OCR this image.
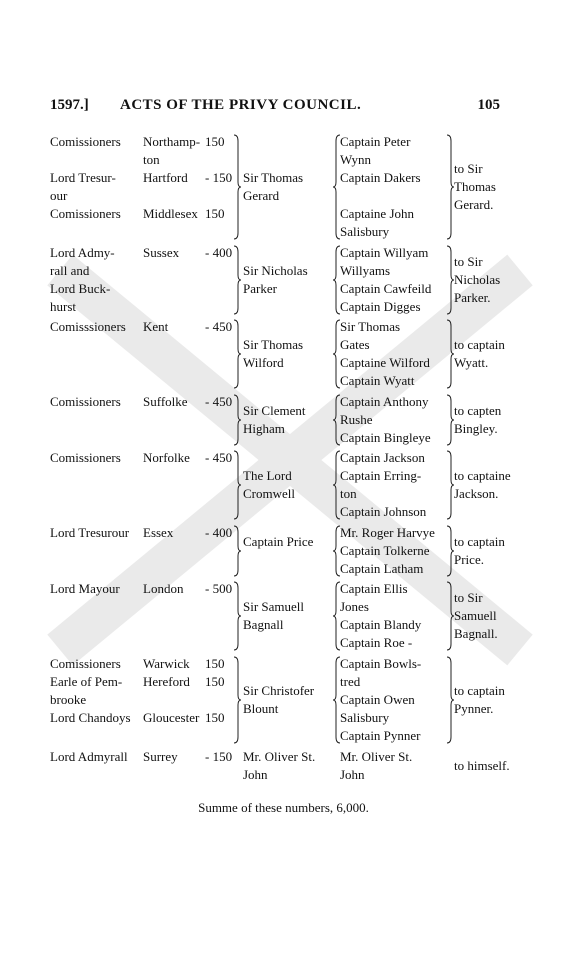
1597.] ACTS OF THE PRIVY COUNCIL.	105
Comissioners

Lord Tresur-
our
Comissioners
Northamp-
ton
Hartford

Middlesex
150

- 150

150
Sir Thomas
Gerard
Captain Peter
Wynn
Captain Dakers

Captaine John
Salisbury
to Sir
Thomas
Gerard.
Lord Admy-
rall and
Lord Buck-
hurst
Sussex - 400
Sir Nicholas
Parker
Captain Willyam
Willyams
Captain Cawfeild
Captain Digges
to Sir
Nicholas
Parker.
Comisssioners Kent	- 450
Sir Thomas
Wilford
Sir Thomas
Gates
Captaine Wilford
Captain Wyatt
to captain
Wyatt.
Comissioners Suffolke - 450
Sir Clement
Higham
Captain Anthony
Rushe
Captain Bingleye
to capten
Bingley.
Comissioners Norfolke - 450
The Lord
Cromwell
Captain Jackson
Captain Erring-
ton
Captain Johnson
to captaine
Jackson.
Lord Tresurour Essex - 400
Captain Price
Mr. Roger Harvye
Captain Tolkerne
Captain Latham
to captain
Price.
Lord Mayour London - 500
Sir Samuell
Bagnall
Captain Ellis
Jones
Captain Blandy
Captain Roe -
to Sir
Samuell
Bagnall.
Comissioners
Earle of Pem-
brooke
Lord Chandoys
Warwick
Hereford

Gloucester
150
150

150
Sir Christofer
Blount
Captain Bowls-
tred
Captain Owen
Salisbury
Captain Pynner
to captain
Pynner.
Lord Admyrall Surrey - 150 Mr. Oliver St.
John
Mr. Oliver St.
John
to himself.
Summe of these numbers, 6,000.
